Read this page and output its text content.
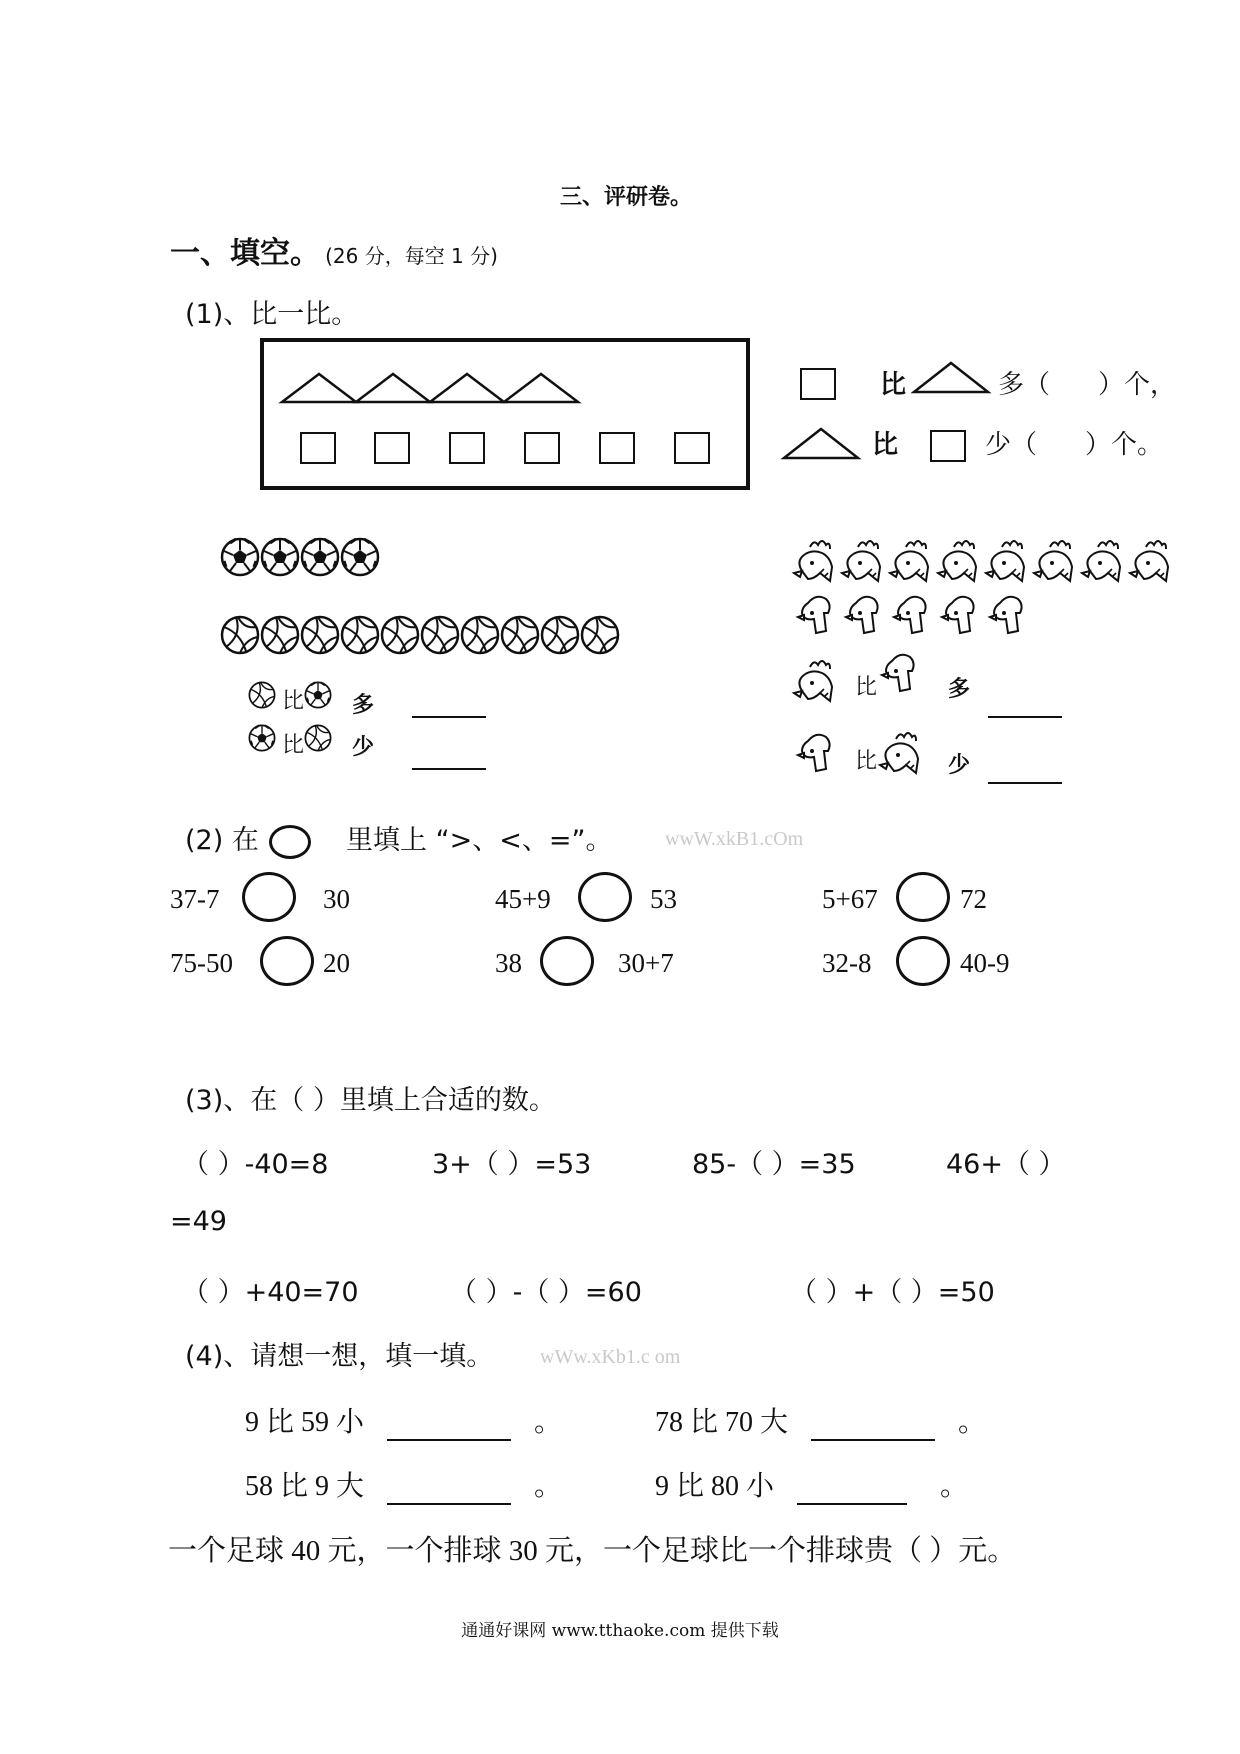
三、评研卷。
一、填空。 (26 分，每空 1 分)
(1)、比一比。
比	多（ ）个，
比	少（ ）个。
比 多
比 少
比	多
比	少
(2) 在	里填上 “>、<、=”。	wwW.xkB1.cOm
37-7	30	45+9	53	5+67	72
75-50	20	38	30+7	32-8	40-9
(3)、在（ ）里填上合适的数。
（ ）-40=8	3+（ ）=53	85-（ ）=35	46+（ ）
=49
（ ）+40=70	（ ）-（ ）=60	（ ）+（ ）=50
(4)、请想一想，填一填。 wWw.xKb1.c om
9 比 59 小	。	78 比 70 大	。
58 比 9 大	。	9 比 80 小	。
一个足球 40 元，一个排球 30 元，一个足球比一个排球贵（ ）元。
通通好课网 www.tthaoke.com 提供下载
